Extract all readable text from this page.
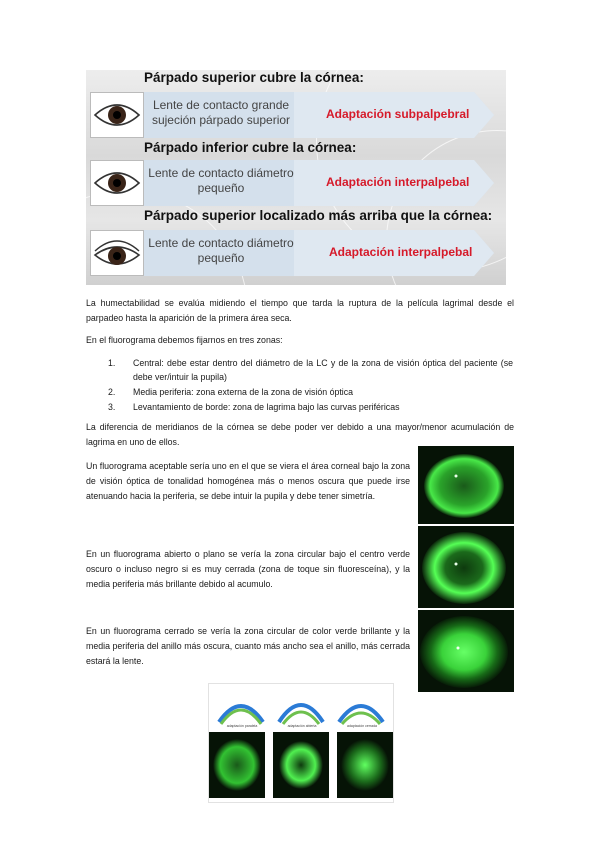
Párpado superior cubre la córnea:
Lente de contacto grande
sujeción párpado superior	Adaptación subpalpebral
Párpado inferior cubre la córnea:
Lente de contacto diámetro
pequeño	Adaptación interpalpebal
Párpado superior localizado más arriba que la córnea:
Lente de contacto diámetro
pequeño	Adaptación interpalpebal
La humectabilidad se evalúa midiendo el tiempo que tarda la ruptura de la película lagrimal desde el parpadeo hasta la aparición de la primera área seca.
En el fluorograma debemos fijarnos en tres zonas:
1. Central: debe estar dentro del diámetro de la LC y de la zona de visión óptica del paciente (se debe ver/intuir la pupila)
2. Media periferia: zona externa de la zona de visión óptica
3. Levantamiento de borde: zona de lagrima bajo las curvas periféricas
La diferencia de meridianos de la córnea se debe poder ver debido a una mayor/menor acumulación de lagrima en uno de ellos.
Un fluorograma aceptable sería uno en el que se viera el área corneal bajo la zona de visión óptica de tonalidad homogénea más o menos oscura que puede irse atenuando hacia la periferia, se debe intuir la pupila y debe tener simetría.
En un fluorograma abierto o plano se vería la zona circular bajo el centro verde oscuro o incluso negro si es muy cerrada (zona de toque sin fluoresceína), y la media periferia más brillante debido al acumulo.
En un fluorograma cerrado se vería la zona circular de color verde brillante y la media periferia del anillo más oscura, cuanto más ancho sea el anillo, más cerrada estará la lente.
adaptación paralela	adaptación abierta	adaptación cerrada
